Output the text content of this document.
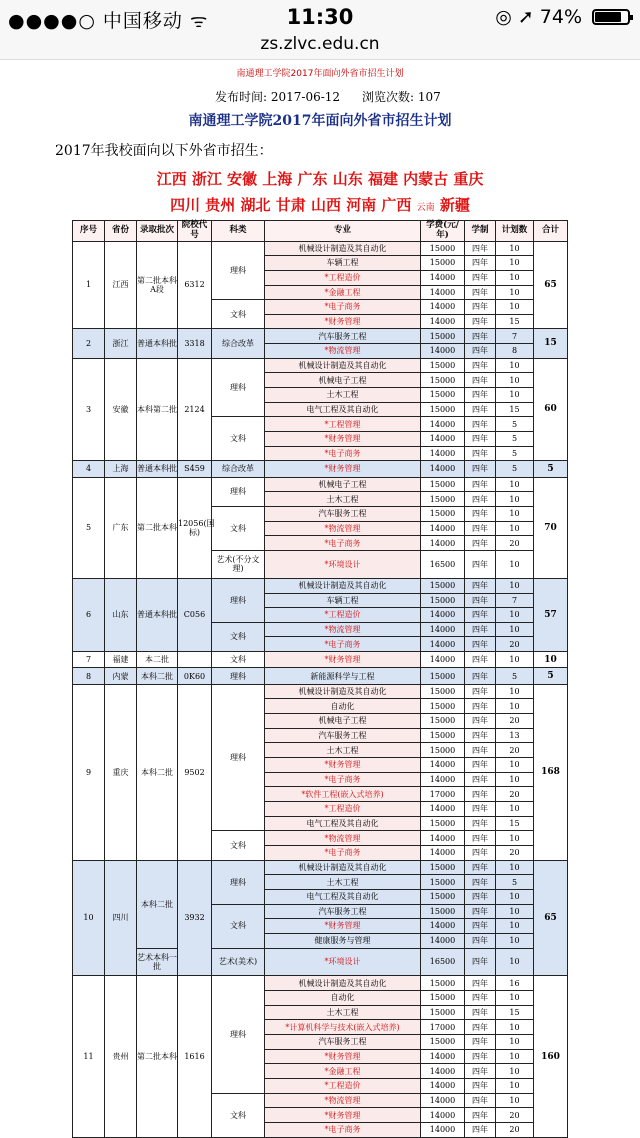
●●●●○ 中国移动 ᯤ	11:30	◎ ➚ 74%
zs.zlvc.edu.cn
南通理工学院2017年面向外省市招生计划
发布时间: 2017-06-12 浏览次数: 107
南通理工学院2017年面向外省市招生计划
2017年我校面向以下外省市招生：
江西 浙江 安徽 上海 广东 山东 福建 内蒙古 重庆
四川 贵州 湖北 甘肃 山西 河南 广西 云南 新疆
序号	省份	录取批次	院校代号	科类	专业	学费(元/年)	学制	计划数	合计
1	江西	第二批本科A段	6312	理科	机械设计制造及其自动化	15000	四年	10	65
					车辆工程	15000	四年	10	
					*工程造价	14000	四年	10	
					*金融工程	14000	四年	10	
				文科	*电子商务	14000	四年	10	
					*财务管理	14000	四年	15	
2	浙江	普通本科批	3318	综合改革	汽车服务工程	15000	四年	7	15
					*物流管理	14000	四年	8	
3	安徽	本科第二批	2124	理科	机械设计制造及其自动化	15000	四年	10	60
					机械电子工程	15000	四年	10	
					土木工程	15000	四年	10	
					电气工程及其自动化	15000	四年	15	
				文科	*工程管理	14000	四年	5	
					*财务管理	14000	四年	5	
					*电子商务	14000	四年	5	
4	上海	普通本科批	S459	综合改革	*财务管理	14000	四年	5	5
5	广东	第二批本科	12056(国标)	理科	机械电子工程	15000	四年	10	70
					土木工程	15000	四年	10	
				文科	汽车服务工程	15000	四年	10	
					*物流管理	14000	四年	10	
					*电子商务	14000	四年	20	
				艺术(不分文理)	*环境设计	16500	四年	10	
6	山东	普通本科批	C056	理科	机械设计制造及其自动化	15000	四年	10	57
					车辆工程	15000	四年	7	
					*工程造价	14000	四年	10	
				文科	*物流管理	14000	四年	10	
					*电子商务	14000	四年	20	
7	福建	本二批		文科	*财务管理	14000	四年	10	10
8	内蒙	本科二批	0K60	理科	新能源科学与工程	15000	四年	5	5
9	重庆	本科二批	9502	理科	机械设计制造及其自动化	15000	四年	10	168
					自动化	15000	四年	10	
					机械电子工程	15000	四年	20	
					汽车服务工程	15000	四年	13	
					土木工程	15000	四年	20	
					*财务管理	14000	四年	10	
					*电子商务	14000	四年	10	
					*软件工程(嵌入式培养)	17000	四年	20	
					*工程造价	14000	四年	10	
					电气工程及其自动化	15000	四年	15	
				文科	*物流管理	14000	四年	10	
					*电子商务	14000	四年	20	
10	四川	本科二批	3932	理科	机械设计制造及其自动化	15000	四年	10	65
					土木工程	15000	四年	5	
					电气工程及其自动化	15000	四年	10	
				文科	汽车服务工程	15000	四年	10	
					*财务管理	14000	四年	10	
					健康服务与管理	14000	四年	10	
		艺术本科一批		艺术(美术)	*环境设计	16500	四年	10	
11	贵州	第二批本科	1616	理科	机械设计制造及其自动化	15000	四年	16	160
					自动化	15000	四年	10	
					土木工程	15000	四年	15	
					*计算机科学与技术(嵌入式培养)	17000	四年	10	
					汽车服务工程	15000	四年	10	
					*财务管理	14000	四年	10	
					*金融工程	14000	四年	10	
					*工程造价	14000	四年	10	
				文科	*物流管理	14000	四年	10	
					*财务管理	14000	四年	20	
					*电子商务	14000	四年	20	
